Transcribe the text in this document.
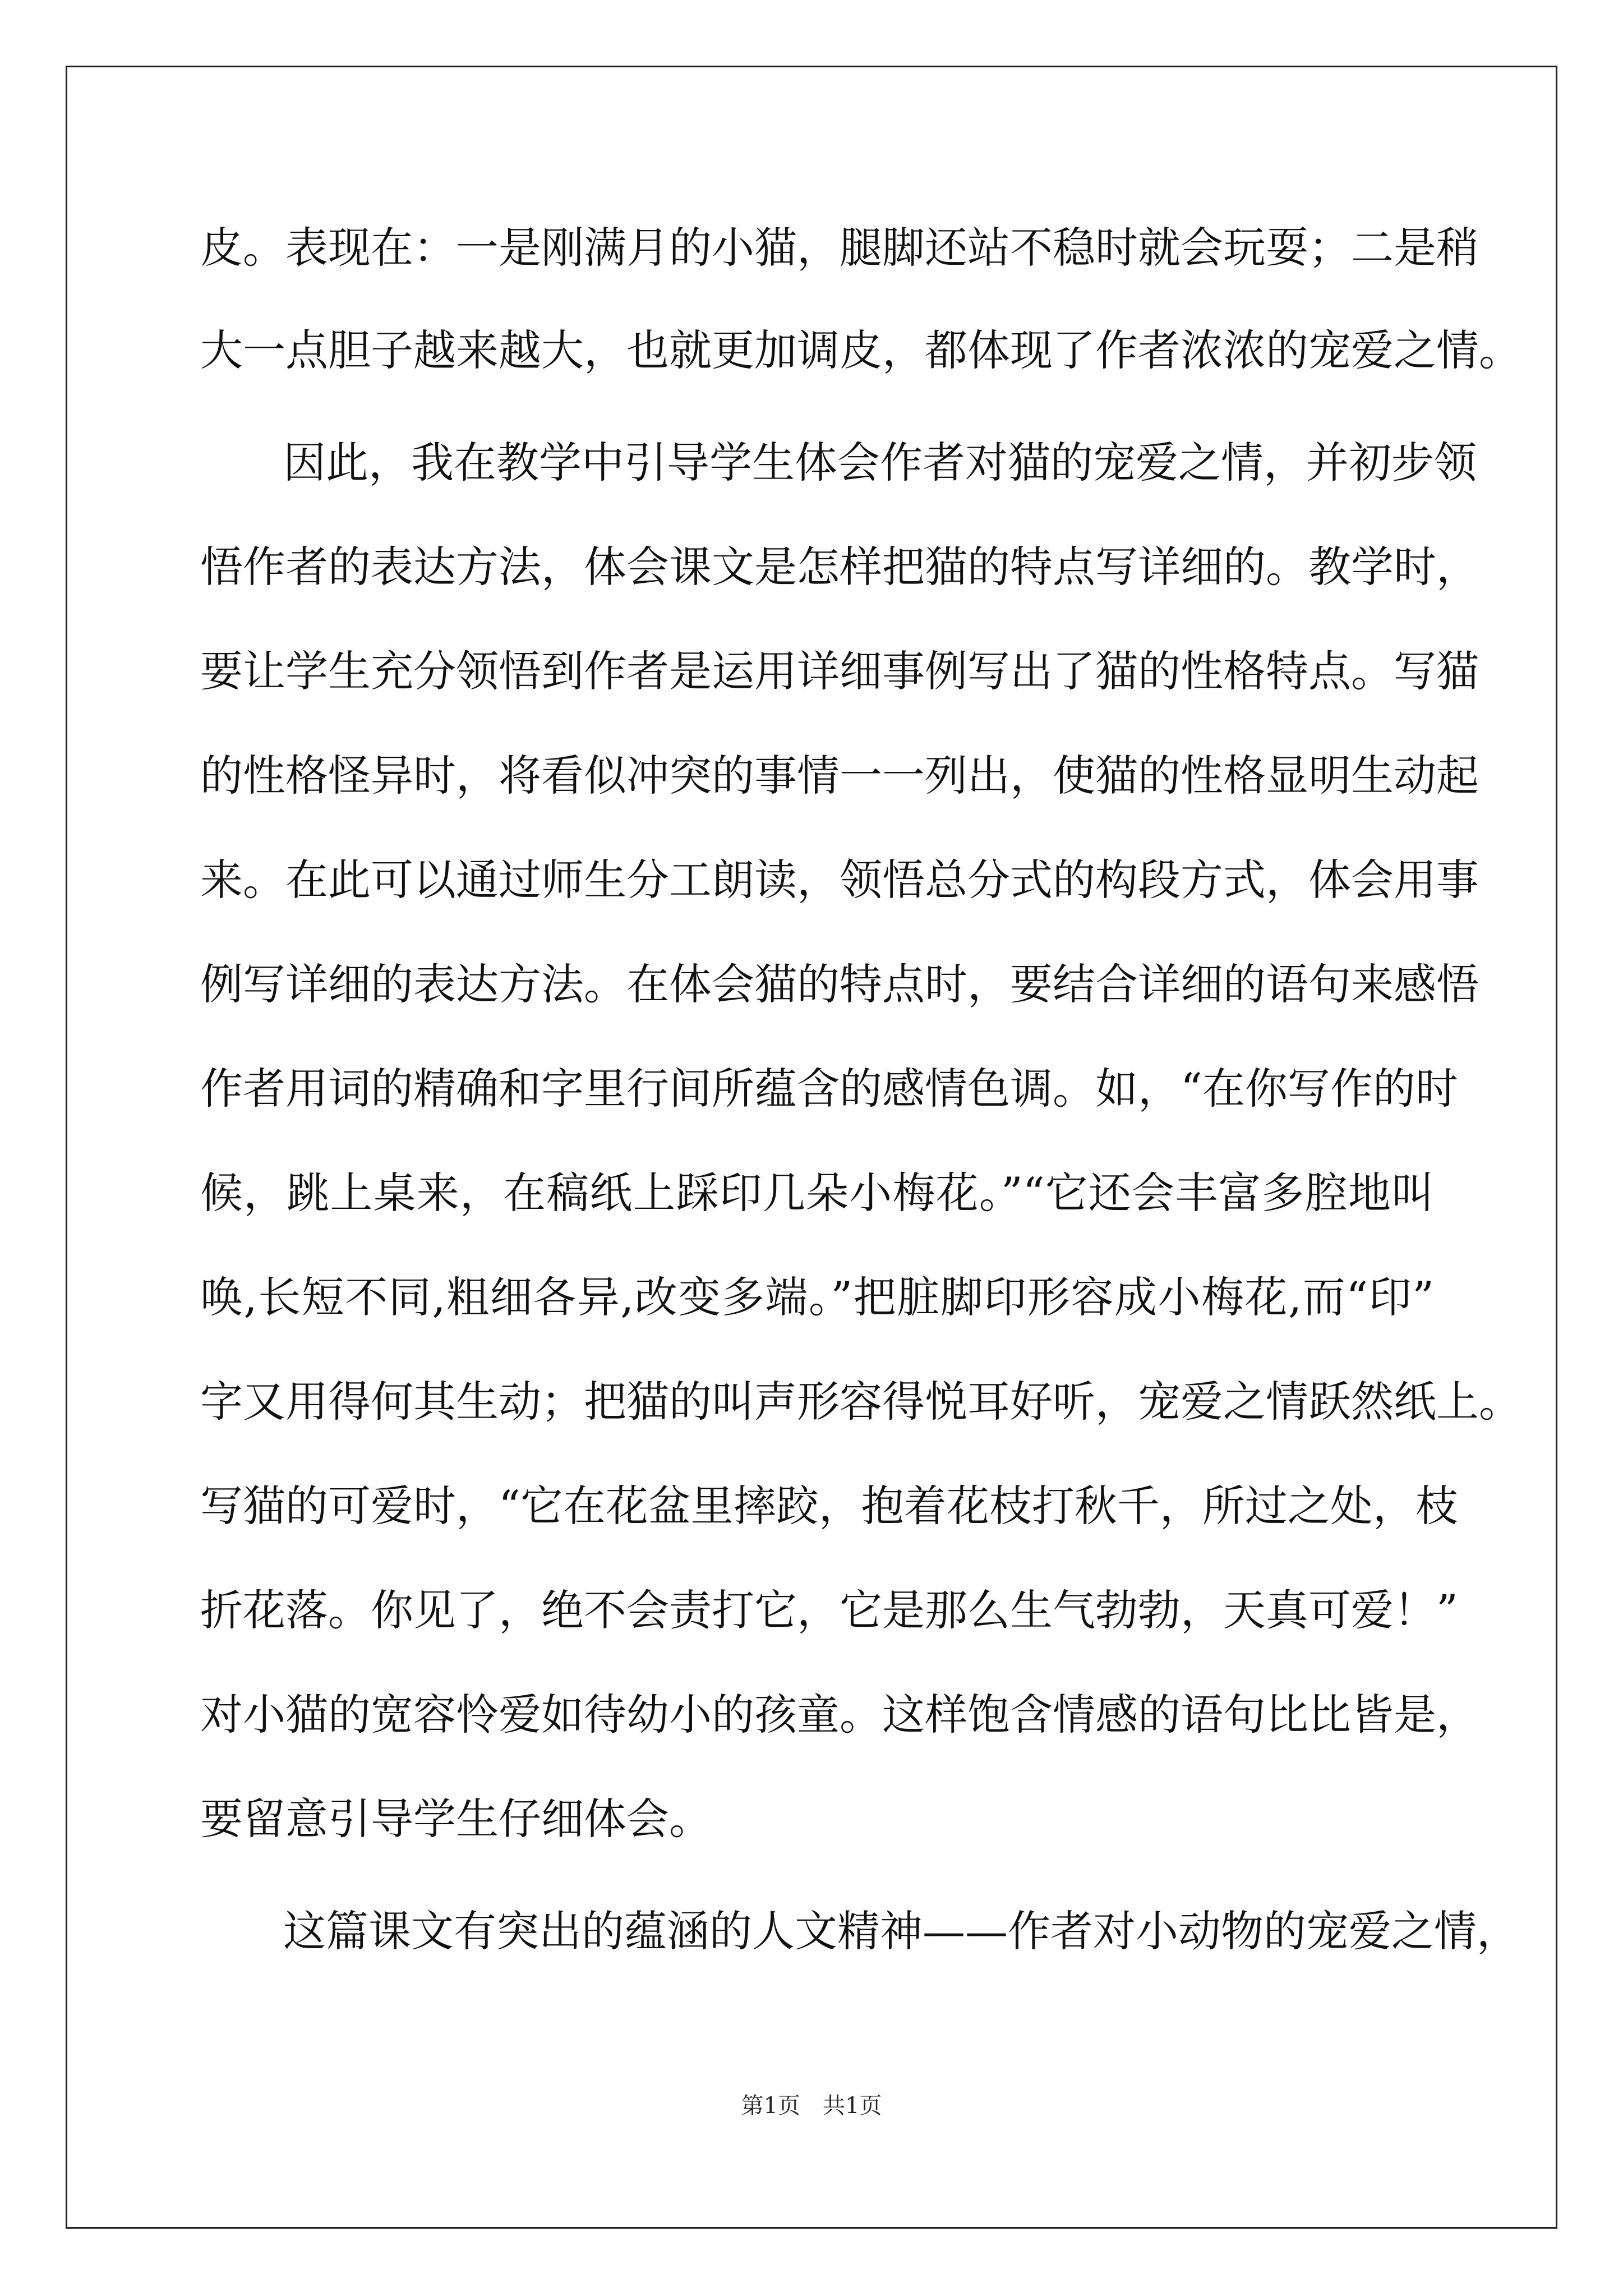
皮。表现在：一是刚满月的小猫，腿脚还站不稳时就会玩耍；二是稍
大一点胆子越来越大，也就更加调皮，都体现了作者浓浓的宠爱之情。
因此，我在教学中引导学生体会作者对猫的宠爱之情，并初步领
悟作者的表达方法，体会课文是怎样把猫的特点写详细的。教学时，
要让学生充分领悟到作者是运用详细事例写出了猫的性格特点。写猫
的性格怪异时，将看似冲突的事情一一列出，使猫的性格显明生动起
来。在此可以通过师生分工朗读，领悟总分式的构段方式，体会用事
例写详细的表达方法。在体会猫的特点时，要结合详细的语句来感悟
作者用词的精确和字里行间所蕴含的感情色调。如，“在你写作的时
候，跳上桌来，在稿纸上踩印几朵小梅花。”“它还会丰富多腔地叫
唤,长短不同,粗细各异,改变多端。”把脏脚印形容成小梅花,而“印”
字又用得何其生动；把猫的叫声形容得悦耳好听，宠爱之情跃然纸上。
写猫的可爱时，“它在花盆里摔跤，抱着花枝打秋千，所过之处，枝
折花落。你见了，绝不会责打它，它是那么生气勃勃，天真可爱！”
对小猫的宽容怜爱如待幼小的孩童。这样饱含情感的语句比比皆是，
要留意引导学生仔细体会。
这篇课文有突出的蕴涵的人文精神——作者对小动物的宠爱之情，
第1页　共1页
